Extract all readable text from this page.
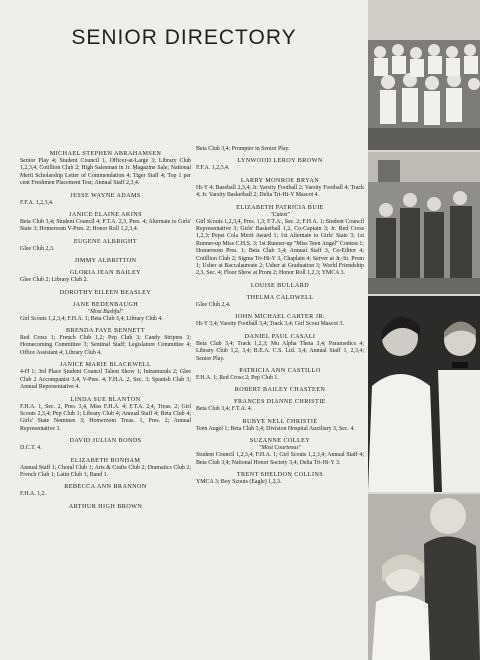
SENIOR DIRECTORY
MICHAEL STEPHEN ABRAHAMSEN
Senior Play 4; Student Council 1, Officer-at-Large 3; Library Club 1,2,3,4, Cotillion Club 2; High Salesman in Jr. Magazine Sale; National Merit Scholarship Letter of Commendation 4; Tiger Staff 4; Top 1 per cent Freshmen Placement Test; Annual Staff 2,3,4.
JESSE WAYNE ADAMS
F.F.A. 1,2,3,4.
JANICE ELAINE AKINS
Beta Club 3,4; Student Council 4; F.T.A. 2,3, Pres. 4; Alternate to Girls' State 3; Homeroom V-Pres. 2; Honor Roll 1,2,3,4.
EUGENE ALBRIGHT
Glee Club 2,3.
JIMMY ALBRITTON
GLORIA JEAN BAILEY
Glee Club 2; Library Club 2.
DOROTHY EILEEN BEASLEY
JANE BEDENBAUGH
"Most Bashful"
Girl Scouts 1,2,3,4; F.H.A. 1; Beta Club 3,4; Library Club 4.
BRENDA FAYE BENNETT
Red Cross 1; French Club 1,2; Pep Club 3; Candy Stripers 3; Homecoming Committee 3; Sentinal Staff; Legislature Committee 4; Office Assistant 4; Library Club 4.
JANICE MARIE BLACKWELL
4-H 1; 3rd Place Student Council Talent Show 1; Intramurals 2; Glee Club 2 Accompanist 3,4, V-Pres. 4; F.H.A. 2, Sec. 3; Spanish Club 3; Annual Representative 4.
LINDA SUE BLANTON
F.H.A. 1, Sec. 2, Pres. 3,4, Miss F.H.A. 4; F.T.A. 2,4, Treas. 2; Girl Scouts 2,3,4; Pep Club 1; Library Club 4; Annual Staff 4; Beta Club 4; Girls' State Nominee 3; Homeroom Treas. 1, Pres. 2; Annual Representative 3.
DAVID JULIAN BONDS
D.C.T. 4.
ELIZABETH BONHAM
Annual Staff 1; Choral Club 1; Arts & Crafts Club 2; Dramatics Club 2; French Club 1; Latin Club 1; Band 1.
REBECCA ANN BRANNON
F.H.A. 1,2.
ARTHUR HIGH BROWN
Beta Club 3,4; Prompter in Senior Play.
LYNWOOD LEROY BROWN
F.F.A. 1,2,3,4.
LARRY MONROE BRYAN
Hi-Y 4; Baseball 2,3,4; Jr. Varsity Football 2; Varsity Football 4; Track 4; Jr. Varsity Basketball 2; Delta Tri-Hi-Y Mascot 4.
ELIZABETH PATRICIA BUIE
"Cutest"
Girl Scouts 1,2,3,4, Pres. 1,3; F.T.A., Sec. 2; F.H.A. 1; Student Council Representative 3; Girls' Basketball 1,2, Co-Captain 3; Jr. Red Cross 1,2,3; Pepsi Cola Merit Award 1; 1st Alternate to Girls' State 3; 1st Runner-up Miss C.H.S. 3; 1st Runner-up "Miss Teen Angel" Contest 1; Homeroom Pres. 1; Beta Club 3,4; Annual Staff 3, Co-Editor 4; Cotillion Club 2; Sigma Tri-Hi-Y 3, Chaplain 4; Server at Jr.-Sr. Prom 1; Usher at Baccalaureate 2; Usher at Graduation 3; World Friendship 2,3, Sec. 4; Floor Show at Prom 2; Honor Roll 1,2,3; YMCA 3.
LOUISE BULLARD
THELMA CALDWELL
Glee Club 2,4.
JOHN MICHAEL CARTER JR.
Hi-Y 3,4; Varsity Football 3,4; Track 3,4; Girl Scout Mascot 3.
DANIEL PAUL CASALI
Beta Club 3,4; Track 1,2,3; Mu Alpha Theta 3,4; Paramedics 4; Library Club 1,2, 3,4; B.E.A. C.S. Ltd. 3,4; Annual Staff 1, 2,3,4; Senior Play.
PATRICIA ANN CASTILLO
F.H.A. 1; Red Cross 2; Pep Club 1.
ROBERT BAILEY CHASTEEN
FRANCES DIANNE CHRISTIE
Beta Club 3,4; F.T.A. 4.
RUBYE NELL CHRISTIE
Teen Angel 1; Beta Club 3,4; Division Hospital Auxiliary 3, Sec. 4.
SUZANNE COLLEY
"Most Courteous"
Student Council 1,2,3,4; F.H.A. 1; Girl Scouts 1,2,3,4; Annual Staff 4; Beta Club 3,4; National Honor Society 3,4; Delta Tri-Hi-Y 3.
TRENT SHELDON COLLINS
YMCA 3; Boy Scouts (Eagle) 1,2,3.
